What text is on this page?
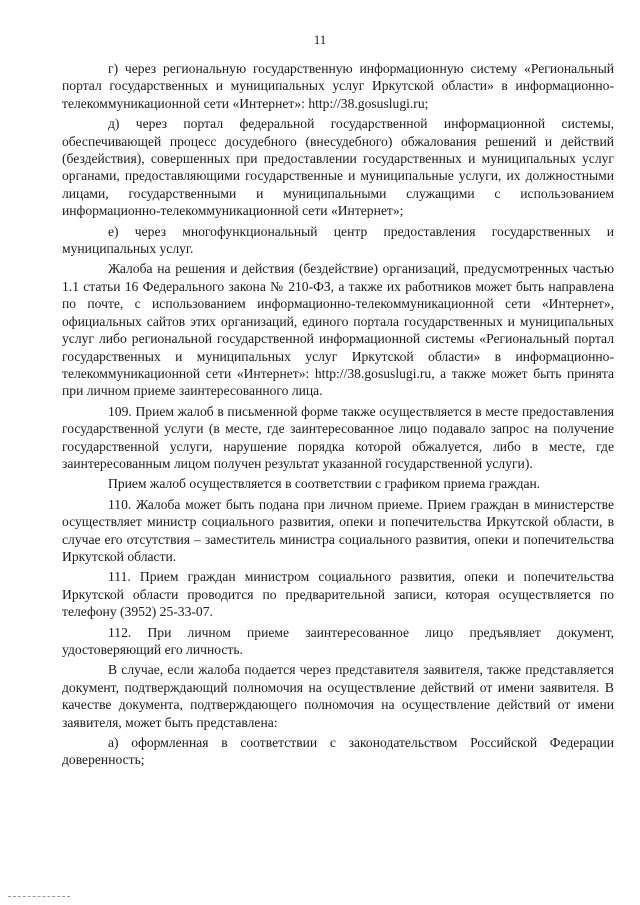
11

г) через региональную государственную информационную систему «Региональный портал государственных и муниципальных услуг Иркутской области» в информационно-телекоммуникационной сети «Интернет»: http://38.gosuslugi.ru;

д) через портал федеральной государственной информационной системы, обеспечивающей процесс досудебного (внесудебного) обжалования решений и действий (бездействия), совершенных при предоставлении государственных и муниципальных услуг органами, предоставляющими государственные и муниципальные услуги, их должностными лицами, государственными и муниципальными служащими с использованием информационно-телекоммуникационной сети «Интернет»;

е) через многофункциональный центр предоставления государственных и муниципальных услуг.

Жалоба на решения и действия (бездействие) организаций, предусмотренных частью 1.1 статьи 16 Федерального закона № 210-ФЗ, а также их работников может быть направлена по почте, с использованием информационно-телекоммуникационной сети «Интернет», официальных сайтов этих организаций, единого портала государственных и муниципальных услуг либо региональной государственной информационной системы «Региональный портал государственных и муниципальных услуг Иркутской области» в информационно-телекоммуникационной сети «Интернет»: http://38.gosuslugi.ru, а также может быть принята при личном приеме заинтересованного лица.

109. Прием жалоб в письменной форме также осуществляется в месте предоставления государственной услуги (в месте, где заинтересованное лицо подавало запрос на получение государственной услуги, нарушение порядка которой обжалуется, либо в месте, где заинтересованным лицом получен результат указанной государственной услуги).

Прием жалоб осуществляется в соответствии с графиком приема граждан.

110. Жалоба может быть подана при личном приеме. Прием граждан в министерстве осуществляет министр социального развития, опеки и попечительства Иркутской области, в случае его отсутствия – заместитель министра социального развития, опеки и попечительства Иркутской области.

111. Прием граждан министром социального развития, опеки и попечительства Иркутской области проводится по предварительной записи, которая осуществляется по телефону (3952) 25-33-07.

112. При личном приеме заинтересованное лицо предъявляет документ, удостоверяющий его личность.

В случае, если жалоба подается через представителя заявителя, также представляется документ, подтверждающий полномочия на осуществление действий от имени заявителя. В качестве документа, подтверждающего полномочия на осуществление действий от имени заявителя, может быть представлена:

а) оформленная в соответствии с законодательством Российской Федерации доверенность;
